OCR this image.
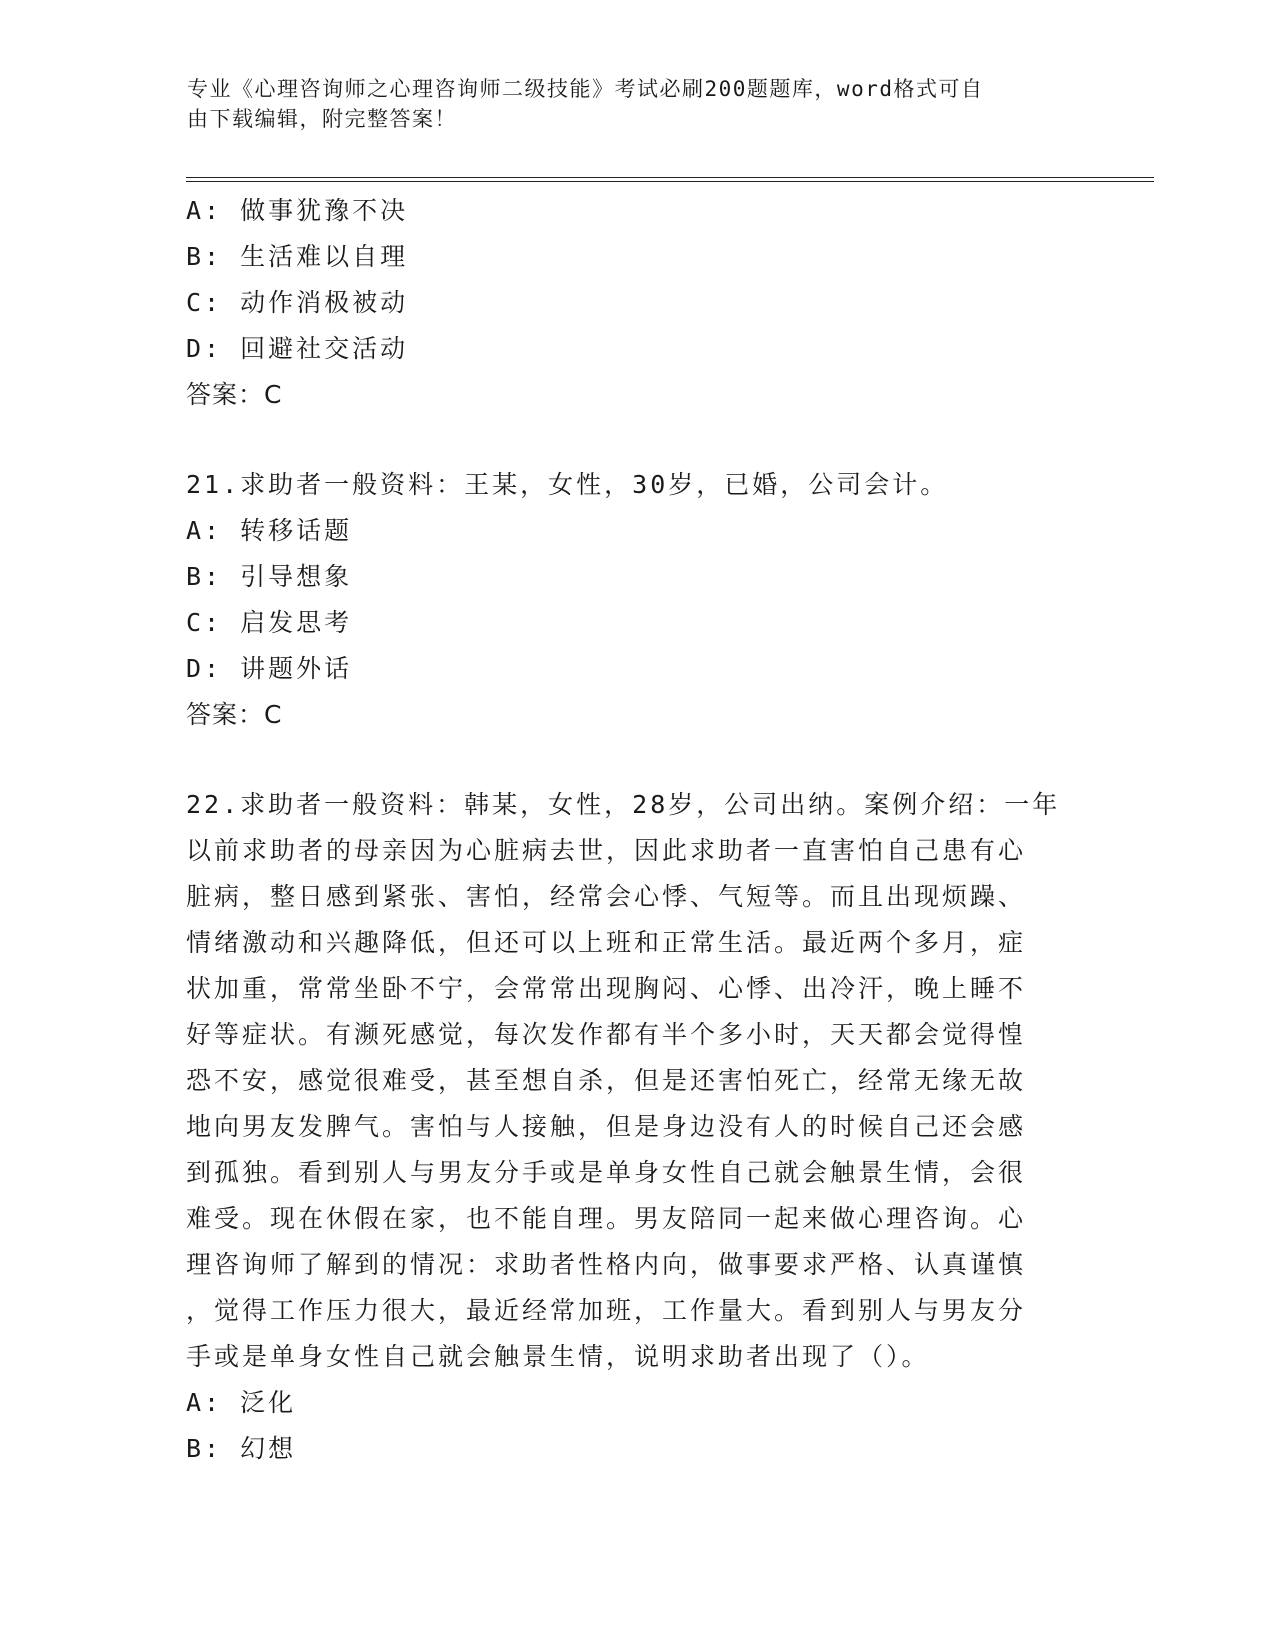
专业《心理咨询师之心理咨询师二级技能》考试必刷200题题库，word格式可自
由下载编辑，附完整答案！
A: 做事犹豫不决
B: 生活难以自理
C: 动作消极被动
D: 回避社交活动
答案：C
21.求助者一般资料：王某，女性，30岁，已婚，公司会计。
A: 转移话题
B: 引导想象
C: 启发思考
D: 讲题外话
答案：C
22.求助者一般资料：韩某，女性，28岁，公司出纳。案例介绍：一年
以前求助者的母亲因为心脏病去世，因此求助者一直害怕自己患有心
脏病，整日感到紧张、害怕，经常会心悸、气短等。而且出现烦躁、
情绪激动和兴趣降低，但还可以上班和正常生活。最近两个多月，症
状加重，常常坐卧不宁，会常常出现胸闷、心悸、出冷汗，晚上睡不
好等症状。有濒死感觉，每次发作都有半个多小时，天天都会觉得惶
恐不安，感觉很难受，甚至想自杀，但是还害怕死亡，经常无缘无故
地向男友发脾气。害怕与人接触，但是身边没有人的时候自己还会感
到孤独。看到别人与男友分手或是单身女性自己就会触景生情，会很
难受。现在休假在家，也不能自理。男友陪同一起来做心理咨询。心
理咨询师了解到的情况：求助者性格内向，做事要求严格、认真谨慎
，觉得工作压力很大，最近经常加班，工作量大。看到别人与男友分
手或是单身女性自己就会触景生情，说明求助者出现了（）。
A: 泛化
B: 幻想
